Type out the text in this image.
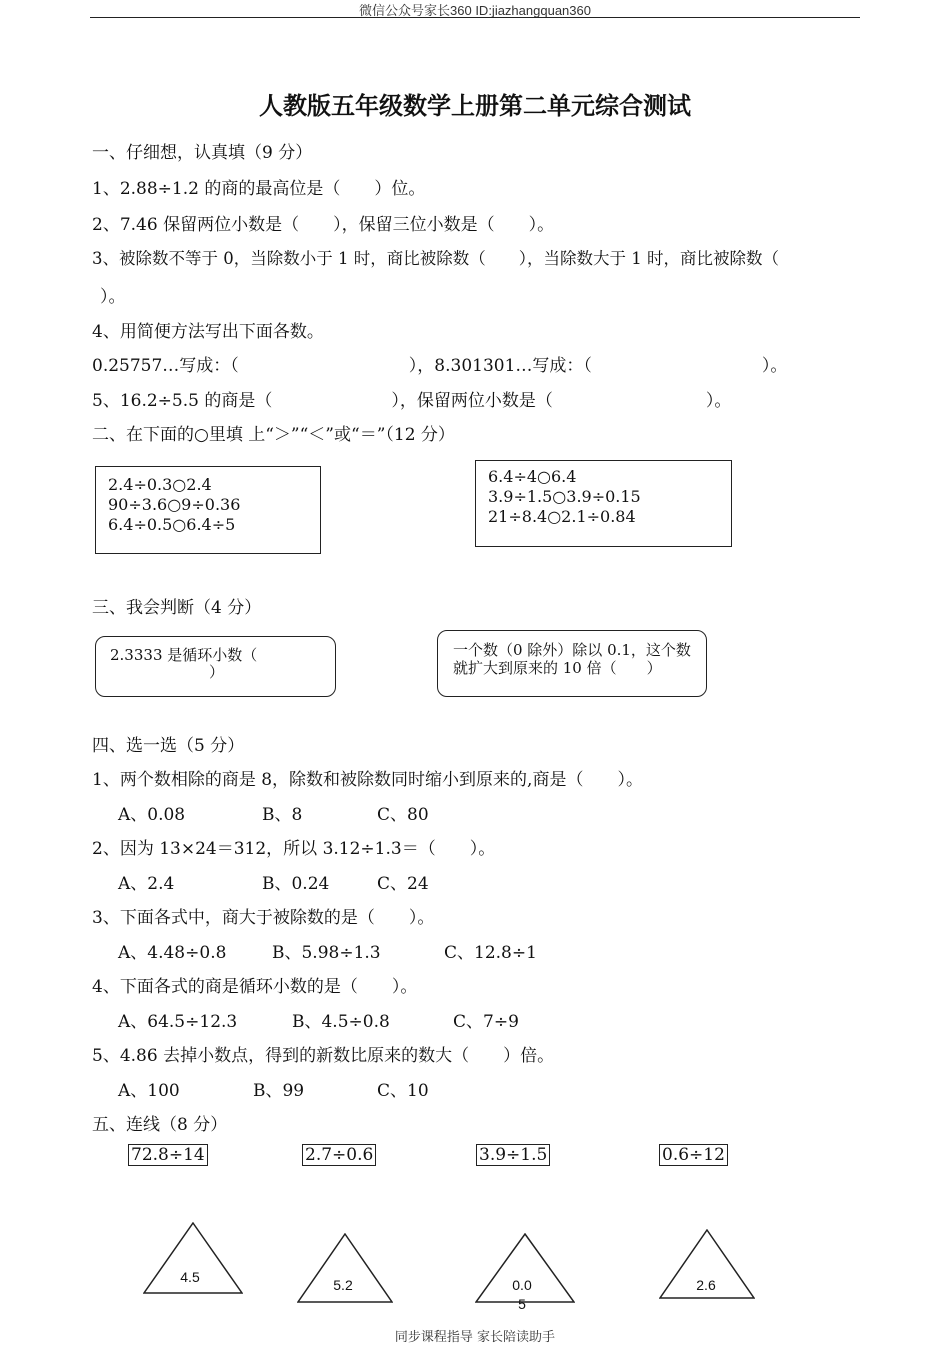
微信公众号家长360 ID:jiazhangquan360
人教版五年级数学上册第二单元综合测试
一、仔细想，认真填（9 分）
1、2.88÷1.2 的商的最高位是（　　）位。
2、7.46 保留两位小数是（　　），保留三位小数是（　　）。
3、被除数不等于 0，当除数小于 1 时，商比被除数（　　），当除数大于 1 时，商比被除数（
）。
4、用简便方法写出下面各数。
0.25757…写成：（　　　　　　　　　　），8.301301…写成：（　　　　　　　　　　）。
5、16.2÷5.5 的商是（　　　　　　　），保留两位小数是（　　　　　　　　　）。
二、在下面的○里填 上“＞”“＜”或“＝”（12 分）
2.4÷0.3○2.4
90÷3.6○9÷0.36
6.4÷0.5○6.4÷5
6.4÷4○6.4
3.9÷1.5○3.9÷0.15
21÷8.4○2.1÷0.84
三、我会判断（4 分）
2.3333 是循环小数（
）
一个数（0 除外）除以 0.1，这个数
就扩大到原来的 10 倍（　　）
四、选一选（5 分）
1、两个数相除的商是 8，除数和被除数同时缩小到原来的,商是（　　）。
A、0.08	B、8	C、80
2、因为 13×24＝312，所以 3.12÷1.3＝（　　）。
A、2.4	B、0.24	C、24
3、下面各式中，商大于被除数的是（　　）。
A、4.48÷0.8	B、5.98÷1.3	C、12.8÷1
4、下面各式的商是循环小数的是（　　）。
A、64.5÷12.3	B、4.5÷0.8	C、7÷9
5、4.86 去掉小数点，得到的新数比原来的数大（　　）倍。
A、100	B、99	C、10
五、连线（8 分）
72.8÷14	2.7÷0.6	3.9÷1.5	0.6÷12
4.5	5.2	0.05
2.6
同步课程指导 家长陪读助手
